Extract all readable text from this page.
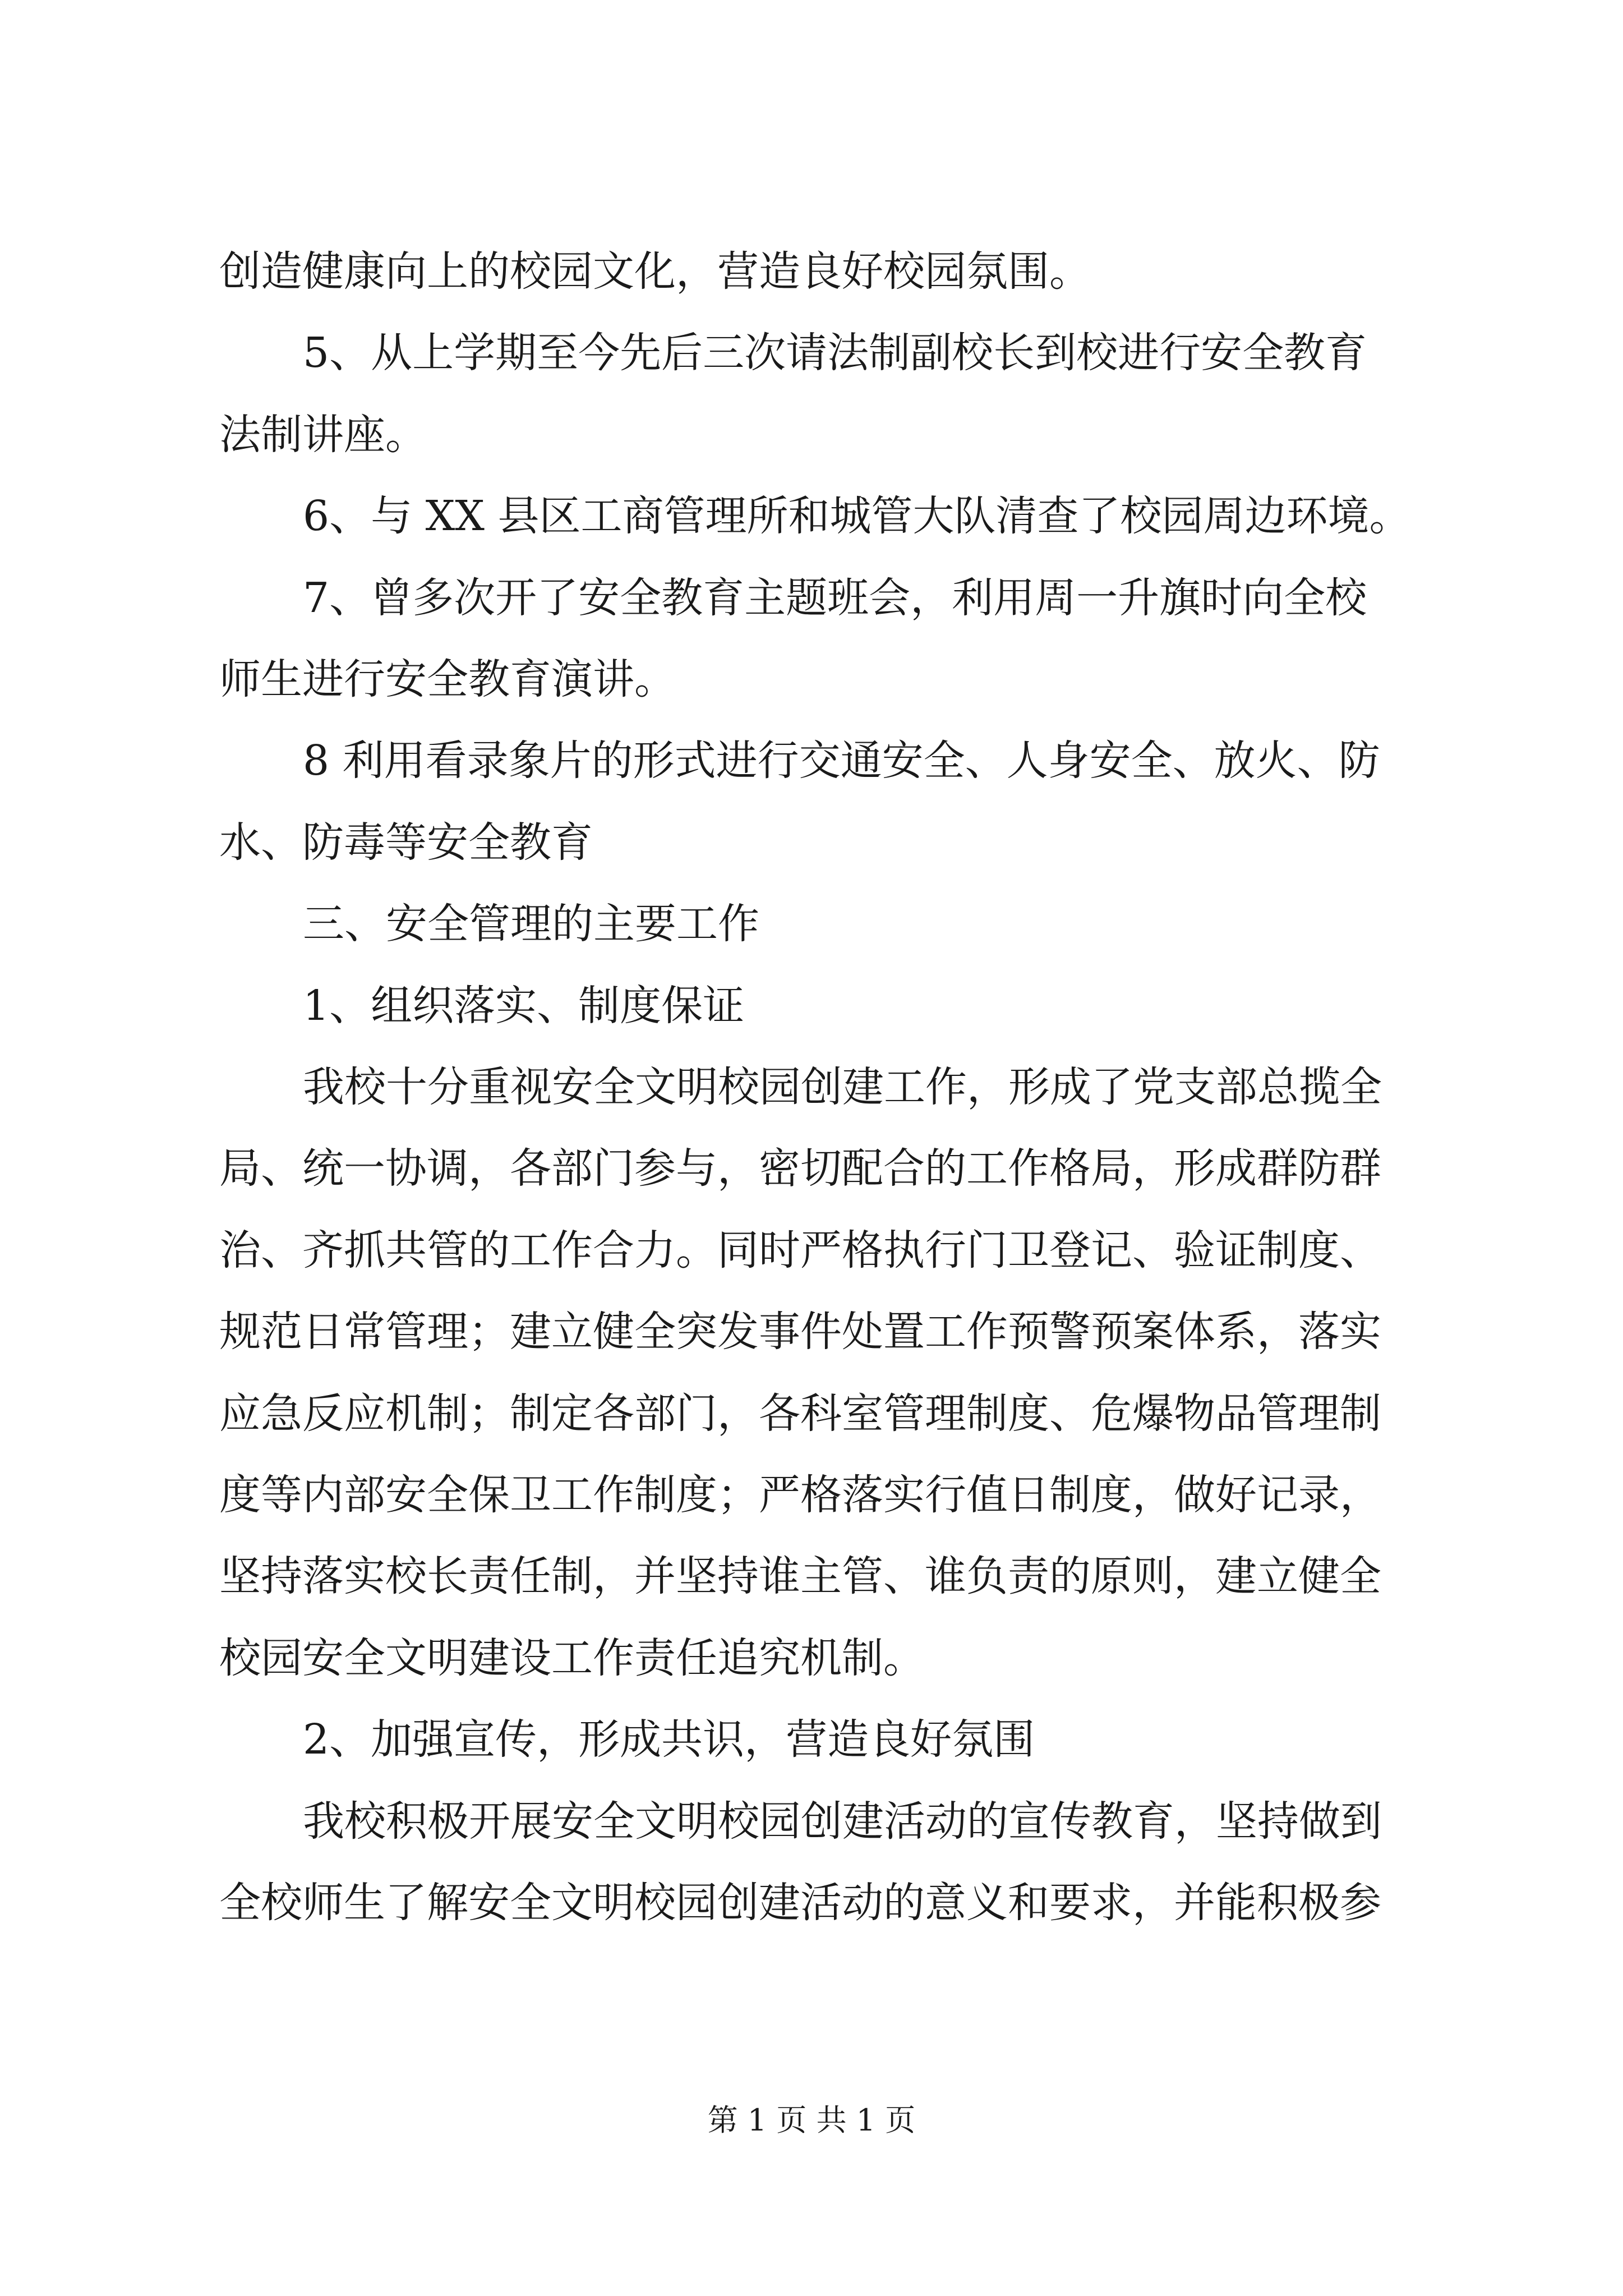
创造健康向上的校园文化，营造良好校园氛围。
5、从上学期至今先后三次请法制副校长到校进行安全教育
法制讲座。
6、与 XX 县区工商管理所和城管大队清查了校园周边环境。
7、曾多次开了安全教育主题班会，利用周一升旗时向全校
师生进行安全教育演讲。
8 利用看录象片的形式进行交通安全、人身安全、放火、防
水、防毒等安全教育
三、安全管理的主要工作
1、组织落实、制度保证
我校十分重视安全文明校园创建工作，形成了党支部总揽全
局、统一协调，各部门参与，密切配合的工作格局，形成群防群
治、齐抓共管的工作合力。同时严格执行门卫登记、验证制度、
规范日常管理；建立健全突发事件处置工作预警预案体系，落实
应急反应机制；制定各部门，各科室管理制度、危爆物品管理制
度等内部安全保卫工作制度；严格落实行值日制度，做好记录，
坚持落实校长责任制，并坚持谁主管、谁负责的原则，建立健全
校园安全文明建设工作责任追究机制。
2、加强宣传，形成共识，营造良好氛围
我校积极开展安全文明校园创建活动的宣传教育，坚持做到
全校师生了解安全文明校园创建活动的意义和要求，并能积极参
第 1 页 共 1 页
